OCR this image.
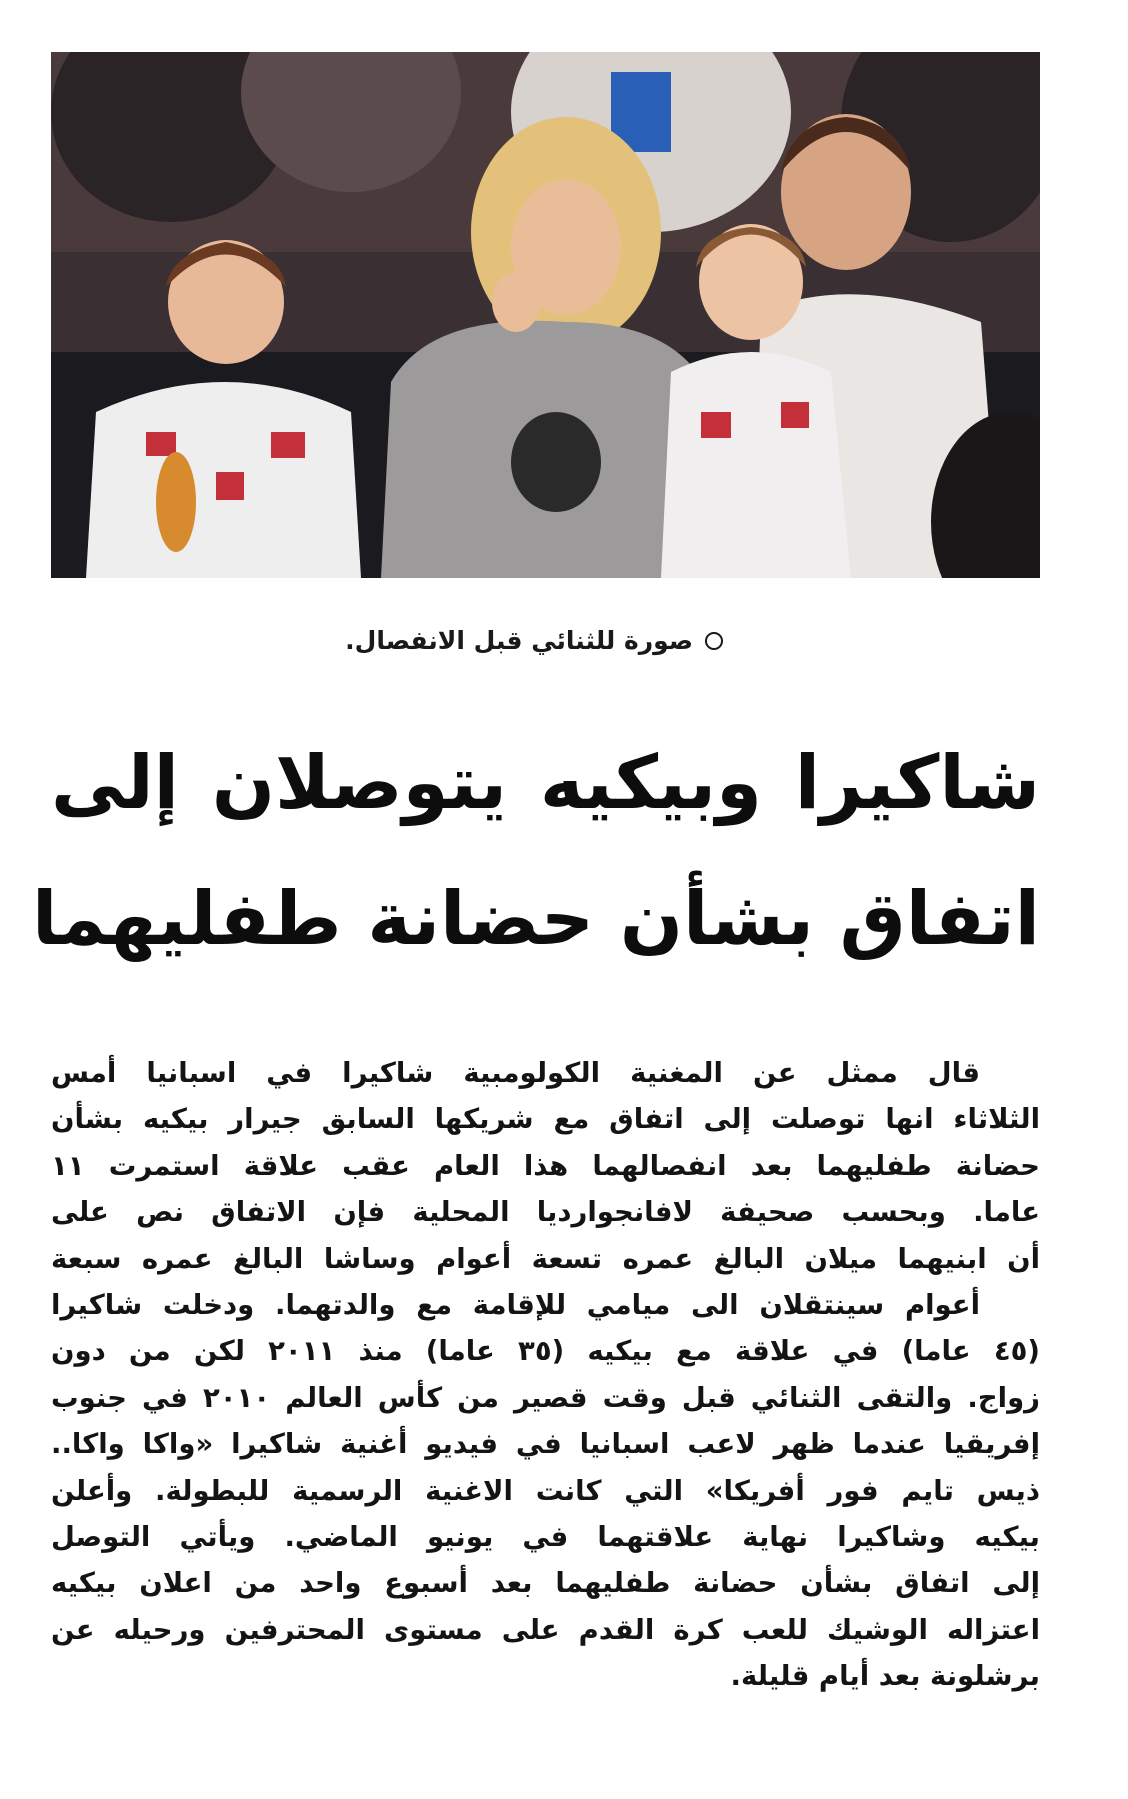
صورة للثنائي قبل الانفصال.
شاكيرا وبيكيه يتوصلان إلى
اتفاق بشأن حضانة طفليهما
قال ممثل عن المغنية الكولومبية شاكيرا في اسبانيا أمس
الثلاثاء انها توصلت إلى اتفاق مع شريكها السابق جيرار بيكيه بشأن
حضانة طفليهما بعد انفصالهما هذا العام عقب علاقة استمرت ١١
عاما. وبحسب صحيفة لافانجوارديا المحلية فإن الاتفاق نص على
أن ابنيهما ميلان البالغ عمره تسعة أعوام وساشا البالغ عمره سبعة
أعوام سينتقلان الى ميامي للإقامة مع والدتهما. ودخلت شاكيرا
(٤٥ عاما) في علاقة مع بيكيه (٣٥ عاما) منذ ٢٠١١ لكن من دون
زواج. والتقى الثنائي قبل وقت قصير من كأس العالم ٢٠١٠ في جنوب
إفريقيا عندما ظهر لاعب اسبانيا في فيديو أغنية شاكيرا «واكا واكا..
ذيس تايم فور أفريكا» التي كانت الاغنية الرسمية للبطولة. وأعلن
بيكيه وشاكيرا نهاية علاقتهما في يونيو الماضي. ويأتي التوصل
إلى اتفاق بشأن حضانة طفليهما بعد أسبوع واحد من اعلان بيكيه
اعتزاله الوشيك للعب كرة القدم على مستوى المحترفين ورحيله عن
برشلونة بعد أيام قليلة.
